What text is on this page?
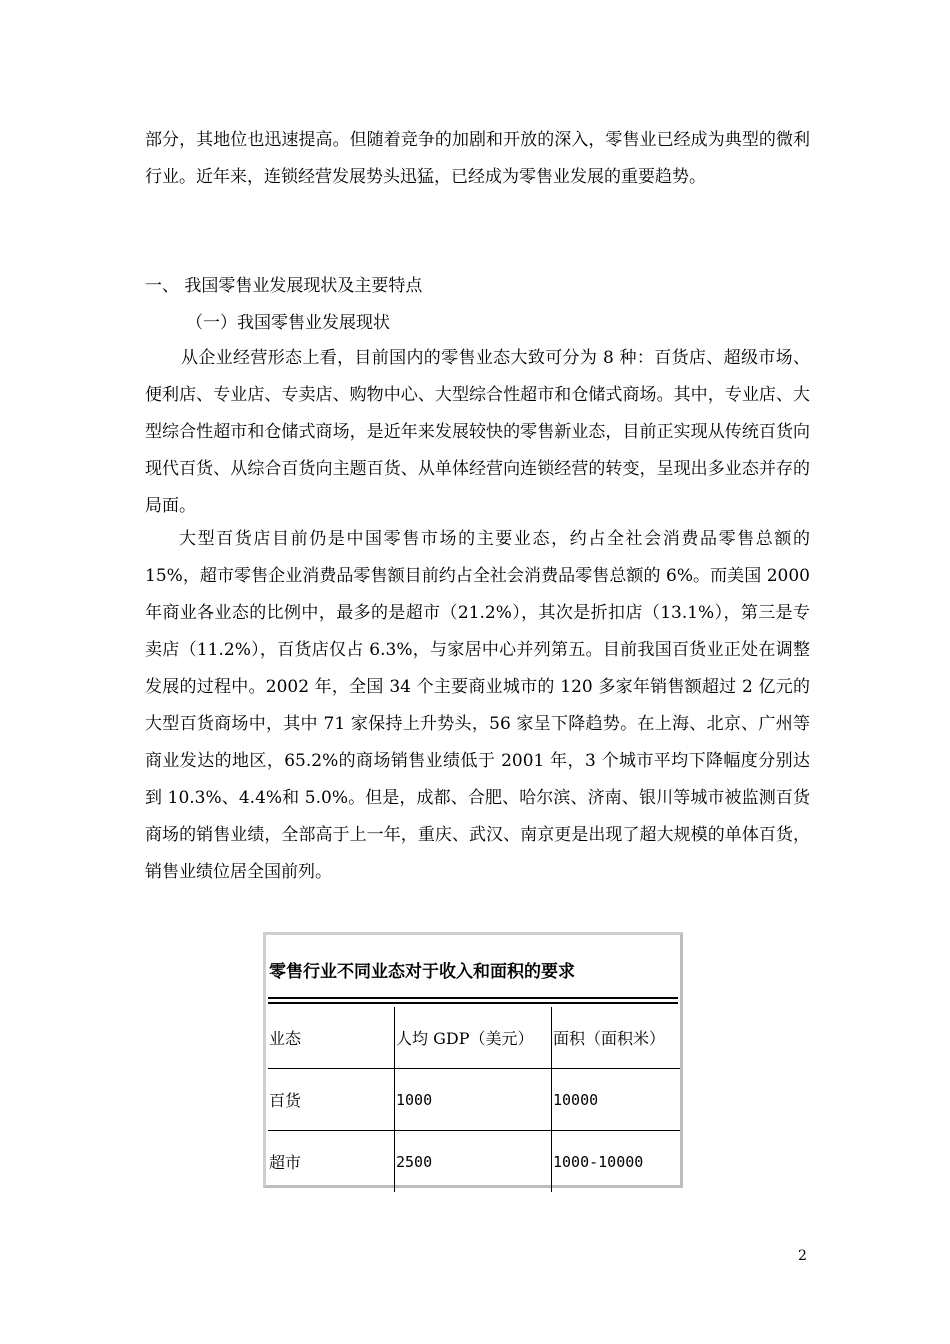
部分，其地位也迅速提高。但随着竞争的加剧和开放的深入，零售业已经成为典型的微利行业。近年来，连锁经营发展势头迅猛，已经成为零售业发展的重要趋势。
一、 我国零售业发展现状及主要特点
（一）我国零售业发展现状
从企业经营形态上看，目前国内的零售业态大致可分为 8 种：百货店、超级市场、便利店、专业店、专卖店、购物中心、大型综合性超市和仓储式商场。其中，专业店、大型综合性超市和仓储式商场，是近年来发展较快的零售新业态，目前正实现从传统百货向现代百货、从综合百货向主题百货、从单体经营向连锁经营的转变，呈现出多业态并存的局面。
大型百货店目前仍是中国零售市场的主要业态，约占全社会消费品零售总额的 15%，超市零售企业消费品零售额目前约占全社会消费品零售总额的 6%。而美国 2000 年商业各业态的比例中，最多的是超市（21.2%），其次是折扣店（13.1%），第三是专卖店（11.2%），百货店仅占 6.3%，与家居中心并列第五。目前我国百货业正处在调整发展的过程中。2002 年，全国 34 个主要商业城市的 120 多家年销售额超过 2 亿元的大型百货商场中，其中 71 家保持上升势头，56 家呈下降趋势。在上海、北京、广州等商业发达的地区，65.2%的商场销售业绩低于 2001 年，3 个城市平均下降幅度分别达到 10.3%、4.4%和 5.0%。但是，成都、合肥、哈尔滨、济南、银川等城市被监测百货商场的销售业绩，全部高于上一年，重庆、武汉、南京更是出现了超大规模的单体百货，销售业绩位居全国前列。
零售行业不同业态对于收入和面积的要求
业态	人均 GDP（美元）	面积（面积米）
百货	1000	10000
超市	2500	1000-10000
2
